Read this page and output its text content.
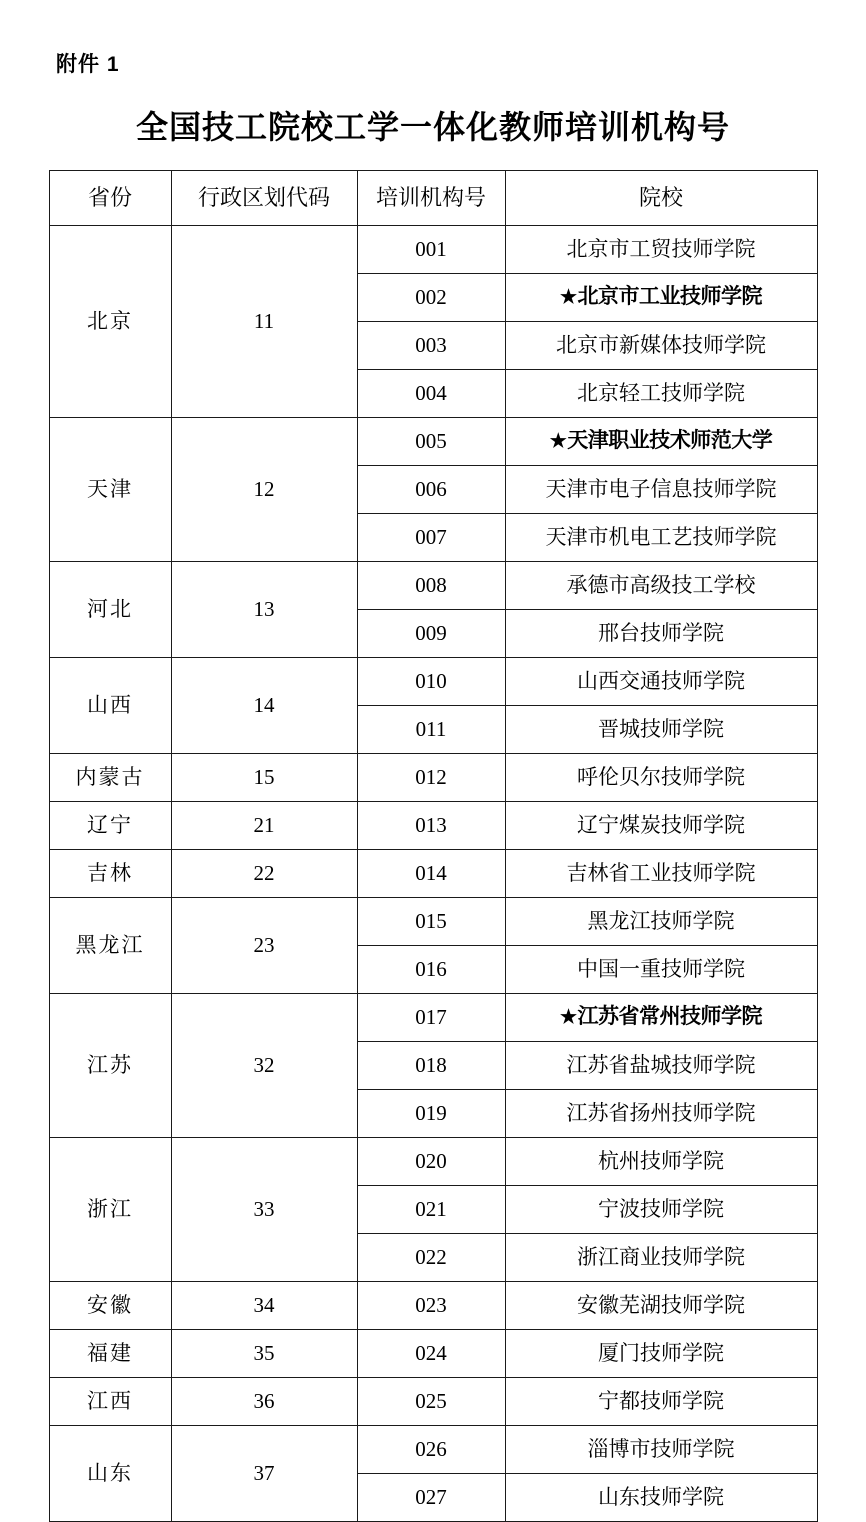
附件 1
全国技工院校工学一体化教师培训机构号
省份	行政区划代码	培训机构号	院校
北京	11	001	北京市工贸技师学院
		002	★北京市工业技师学院
		003	北京市新媒体技师学院
		004	北京轻工技师学院
天津	12	005	★天津职业技术师范大学
		006	天津市电子信息技师学院
		007	天津市机电工艺技师学院
河北	13	008	承德市高级技工学校
		009	邢台技师学院
山西	14	010	山西交通技师学院
		011	晋城技师学院
内蒙古	15	012	呼伦贝尔技师学院
辽宁	21	013	辽宁煤炭技师学院
吉林	22	014	吉林省工业技师学院
黑龙江	23	015	黑龙江技师学院
		016	中国一重技师学院
江苏	32	017	★江苏省常州技师学院
		018	江苏省盐城技师学院
		019	江苏省扬州技师学院
浙江	33	020	杭州技师学院
		021	宁波技师学院
		022	浙江商业技师学院
安徽	34	023	安徽芜湖技师学院
福建	35	024	厦门技师学院
江西	36	025	宁都技师学院
山东	37	026	淄博市技师学院
		027	山东技师学院
